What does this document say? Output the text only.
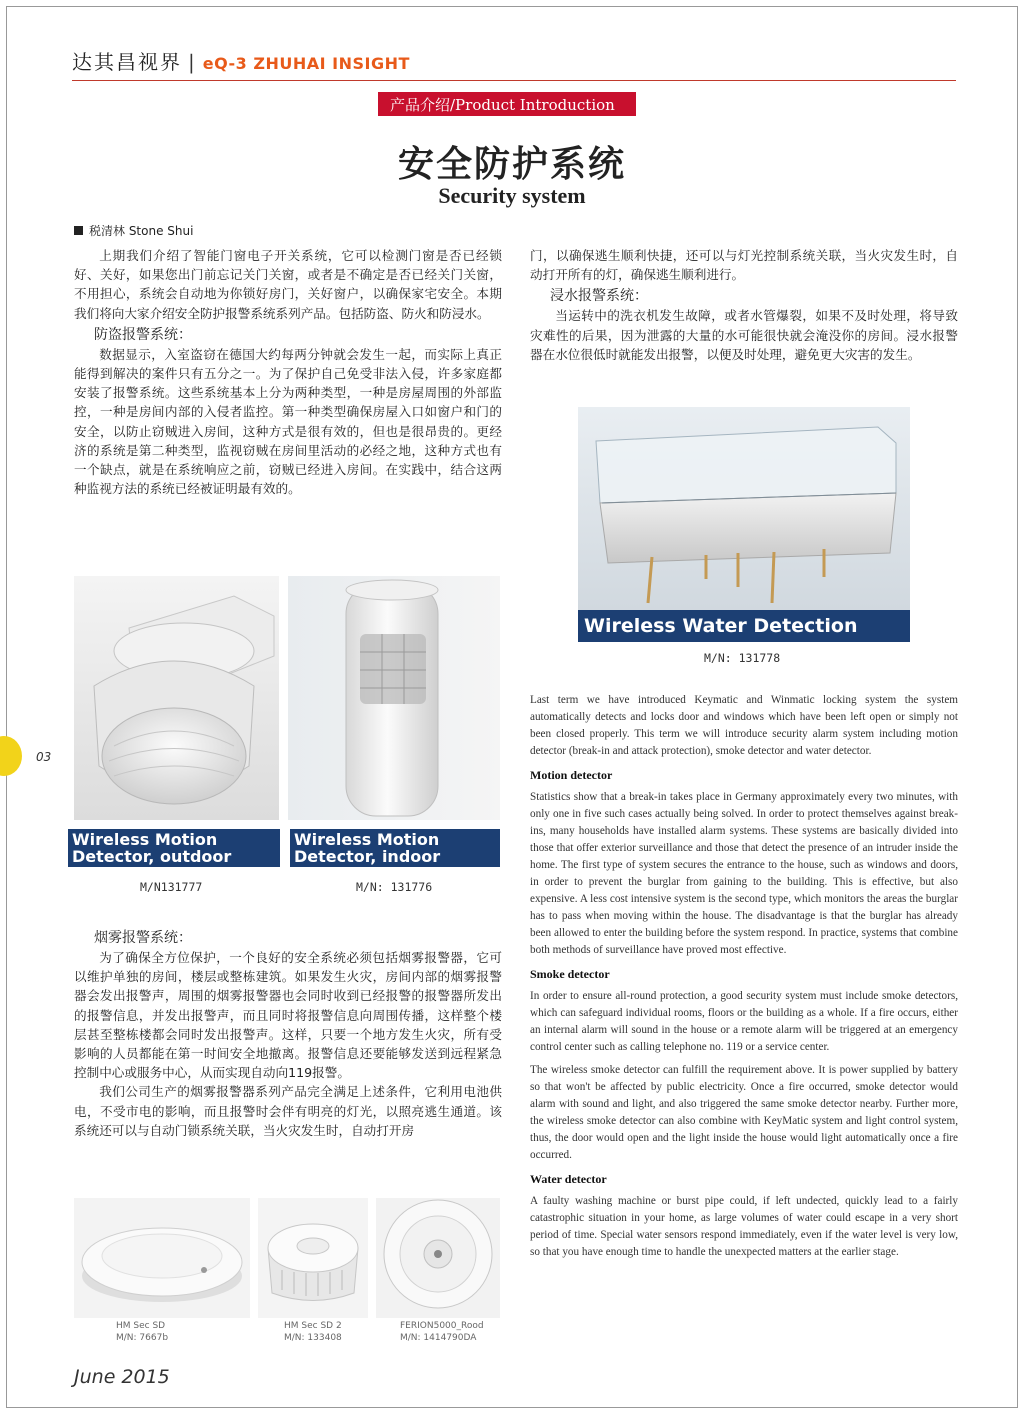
达其昌视界 | eQ-3 ZHUHAI INSIGHT
产品介绍/Product Introduction
安全防护系统
Security system
税清林 Stone Shui

上期我们介绍了智能门窗电子开关系统，它可以检测门窗是否已经锁好、关好，如果您出门前忘记关门关窗，或者是不确定是否已经关门关窗，不用担心，系统会自动地为你锁好房门，关好窗户，以确保家宅安全。本期我们将向大家介绍安全防护报警系统系列产品。包括防盗、防火和防浸水。

防盗报警系统：

数据显示，入室盗窃在德国大约每两分钟就会发生一起，而实际上真正能得到解决的案件只有五分之一。为了保护自己免受非法入侵，许多家庭都安装了报警系统。这些系统基本上分为两种类型，一种是房屋周围的外部监控，一种是房间内部的入侵者监控。第一种类型确保房屋入口如窗户和门的安全，以防止窃贼进入房间，这种方式是很有效的，但也是很昂贵的。更经济的系统是第二种类型，监视窃贼在房间里活动的必经之地，这种方式也有一个缺点，就是在系统响应之前，窃贼已经进入房间。在实践中，结合这两种监视方法的系统已经被证明最有效的。

Wireless Motion Detector, outdoor
Wireless Motion Detector, indoor
M/N131777	M/N: 131776
烟雾报警系统：

为了确保全方位保护，一个良好的安全系统必须包括烟雾报警器，它可以维护单独的房间，楼层或整栋建筑。如果发生火灾，房间内部的烟雾报警器会发出报警声，周围的烟雾报警器也会同时收到已经报警的报警器所发出的报警信息，并发出报警声，而且同时将报警信息向周围传播，这样整个楼层甚至整栋楼都会同时发出报警声。这样，只要一个地方发生火灾，所有受影响的人员都能在第一时间安全地撤离。报警信息还要能够发送到远程紧急控制中心或服务中心，从而实现自动向119报警。

我们公司生产的烟雾报警器系列产品完全满足上述条件，它利用电池供电，不受市电的影响，而且报警时会伴有明亮的灯光，以照亮逃生通道。该系统还可以与自动门锁系统关联，当火灾发生时，自动打开房

HM Sec SD
M/N: 7667b
HM Sec SD 2
M/N: 133408
FERION5000_Rood
M/N: 1414790DA

门，以确保逃生顺利快捷，还可以与灯光控制系统关联，当火灾发生时，自动打开所有的灯，确保逃生顺利进行。

浸水报警系统：

当运转中的洗衣机发生故障，或者水管爆裂，如果不及时处理，将导致灾难性的后果，因为泄露的大量的水可能很快就会淹没你的房间。浸水报警器在水位很低时就能发出报警，以便及时处理，避免更大灾害的发生。

Wireless Water Detection Sensor	M/N: 131778

Last term we have introduced Keymatic and Winmatic locking system the system automatically detects and locks door and windows which have been left open or simply not been closed properly. This term we will introduce security alarm system including motion detector (break-in and attack protection), smoke detector and water detector.

Motion detector

Statistics show that a break-in takes place in Germany approximately every two minutes, with only one in five such cases actually being solved. In order to protect themselves against break-ins, many households have installed alarm systems. These systems are basically divided into those that offer exterior surveillance and those that detect the presence of an intruder inside the home. The first type of system secures the entrance to the house, such as windows and doors, in order to prevent the burglar from gaining to the building. This is effective, but also expensive. A less cost intensive system is the second type, which monitors the areas the burglar has to pass when moving within the house. The disadvantage is that the burglar has already been allowed to enter the building before the system respond. In practice, systems that combine both methods of surveillance have proved most effective.

Smoke detector

In order to ensure all-round protection, a good security system must include smoke detectors, which can safeguard individual rooms, floors or the building as a whole. If a fire occurs, either an internal alarm will sound in the house or a remote alarm will be triggered at an emergency control center such as calling telephone no. 119 or a service center.

The wireless smoke detector can fulfill the requirement above. It is power supplied by battery so that won't be affected by public electricity. Once a fire occurred, smoke detector would alarm with sound and light, and also triggered the same smoke detector nearby. Further more, the wireless smoke detector can also combine with KeyMatic system and light control system, thus, the door would open and the light inside the house would light automatically once a fire occurred.

Water detector

A faulty washing machine or burst pipe could, if left undected, quickly lead to a fairly catastrophic situation in your home, as large volumes of water could escape in a very short period of time. Special water sensors respond immediately, even if the water level is very low, so that you have enough time to handle the unexpected matters at the earlier stage.

03
June 2015
